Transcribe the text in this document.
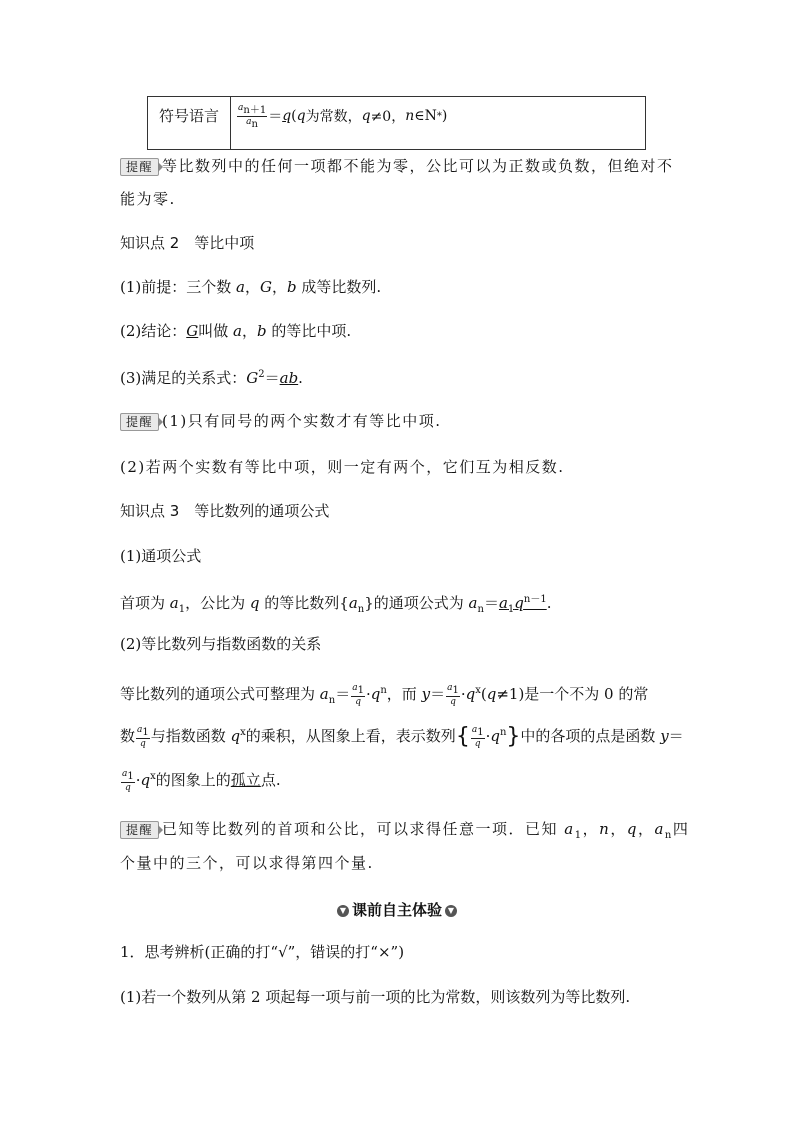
符号语言	$\frac{a_{n+1}}{a_n} = q$ ( q 为常数， q ≠0， n ∈N * )
提醒 等比数列中的任何一项都不能为零，公比可以为正数或负数，但绝对不
能为零.
知识点 2　等比中项
(1)前提：三个数 a，G，b 成等比数列.
(2)结论：G叫做 a，b 的等比中项.
(3)满足的关系式：$G^2=ab$.
提醒 (1)只有同号的两个实数才有等比中项.
(2)若两个实数有等比中项，则一定有两个，它们互为相反数.
知识点 3　等比数列的通项公式
(1)通项公式
首项为 $a_1$，公比为 q 的等比数列$\{a_n\}$的通项公式为 $a_n=a_1q^{n-1}$.
(2)等比数列与指数函数的关系
等比数列的通项公式可整理为 $a_n= \frac{a_1}{q} \cdot q^n$，而 $y= \frac{a_1}{q} \cdot q^x(q\ne 1)$是一个不为 0 的常
数 $\frac{a_1}{q}$ 与指数函数 $q^x$的乘积，从图象上看，表示数列{ $\frac{a_1}{q} \cdot q^n$}中的各项的点是函数 y＝
$\frac{a_1}{q} \cdot q^x$的图象上的孤立点.
提醒 已知等比数列的首项和公比，可以求得任意一项．已知 $a_1$，n，q，$a_n$四
个量中的三个，可以求得第四个量.
▼ 课前自主体验 ▼
1．思考辨析(正确的打“√”，错误的打“×”)
(1)若一个数列从第 2 项起每一项与前一项的比为常数，则该数列为等比数列.
